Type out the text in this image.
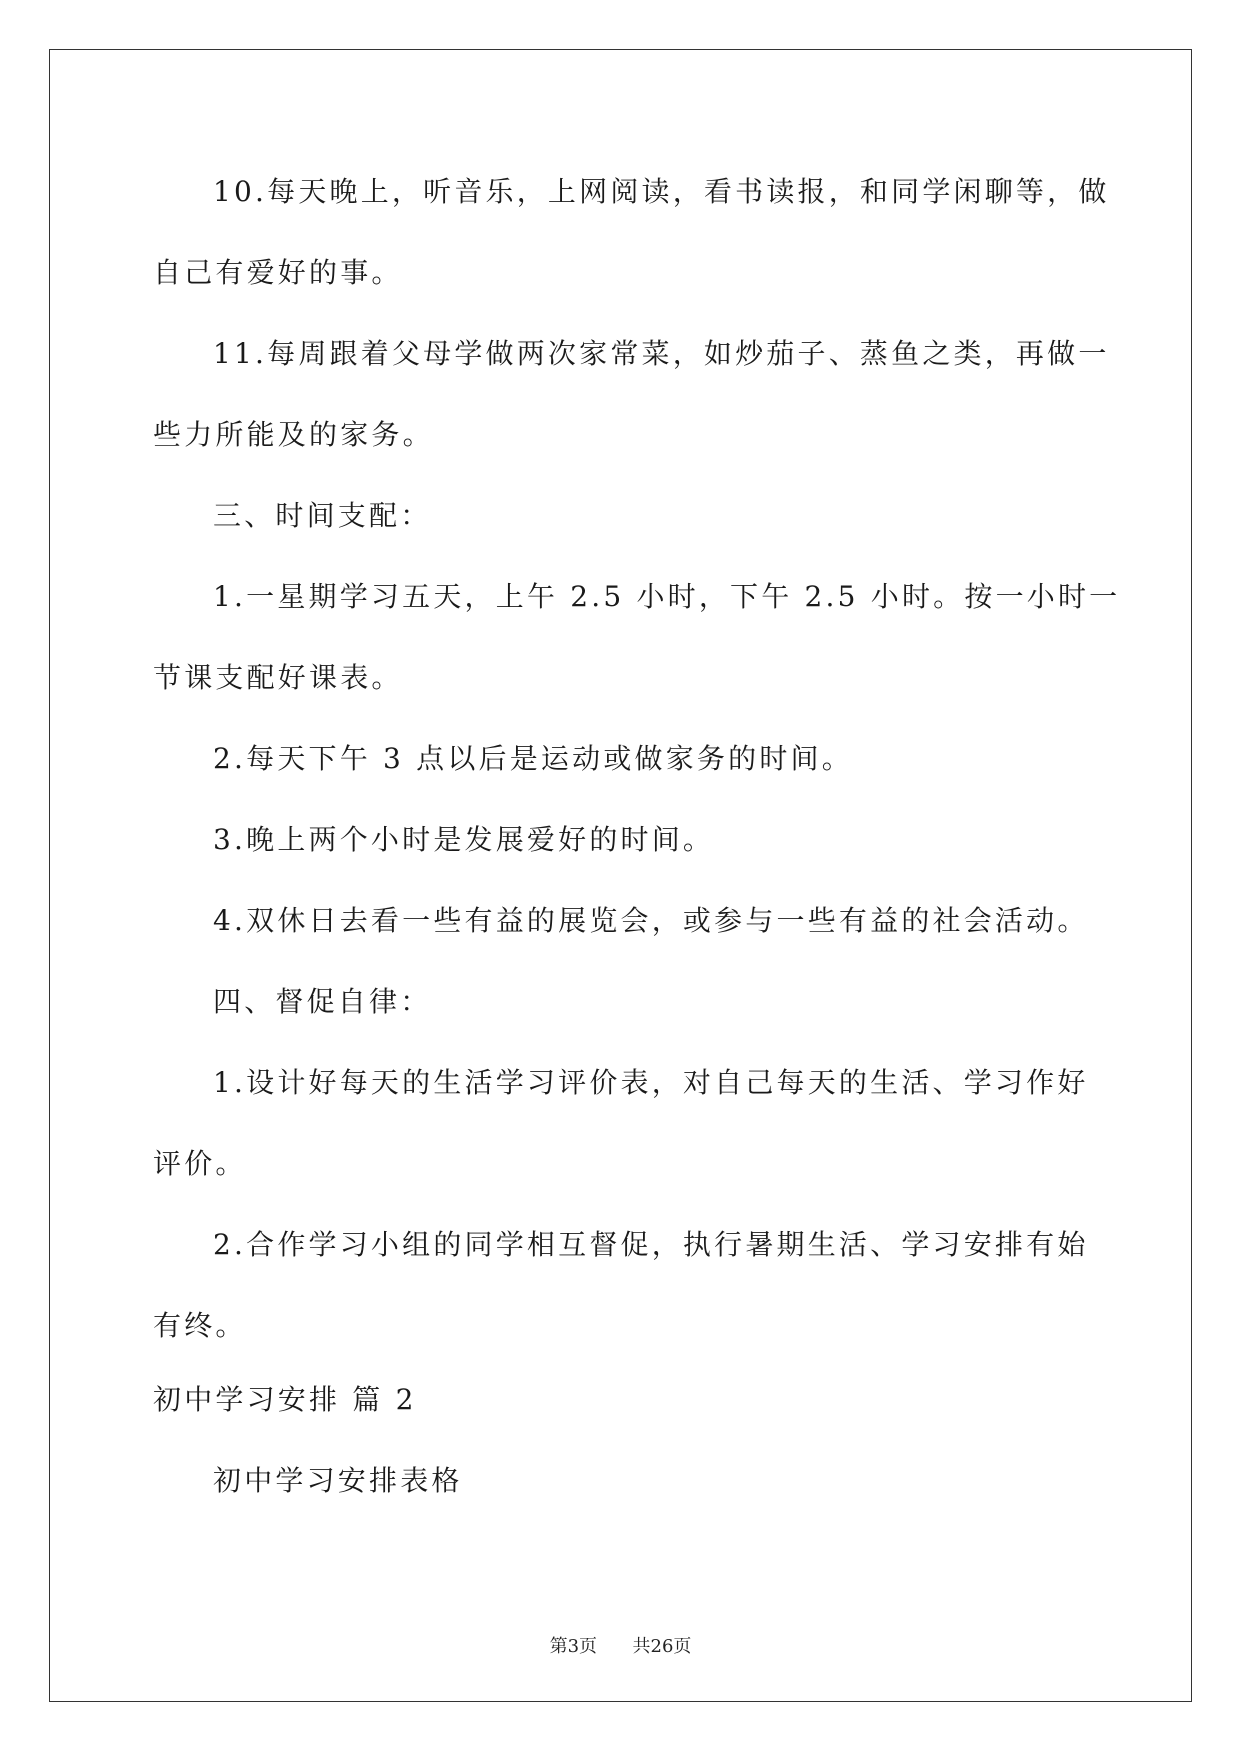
10.每天晚上，听音乐，上网阅读，看书读报，和同学闲聊等，做
自己有爱好的事。
11.每周跟着父母学做两次家常菜，如炒茄子、蒸鱼之类，再做一
些力所能及的家务。
三、时间支配：
1.一星期学习五天，上午 2.5 小时，下午 2.5 小时。按一小时一
节课支配好课表。
2.每天下午 3 点以后是运动或做家务的时间。
3.晚上两个小时是发展爱好的时间。
4.双休日去看一些有益的展览会，或参与一些有益的社会活动。
四、督促自律：
1.设计好每天的生活学习评价表，对自己每天的生活、学习作好
评价。
2.合作学习小组的同学相互督促，执行暑期生活、学习安排有始
有终。
初中学习安排 篇 2
初中学习安排表格
第3页 共26页
